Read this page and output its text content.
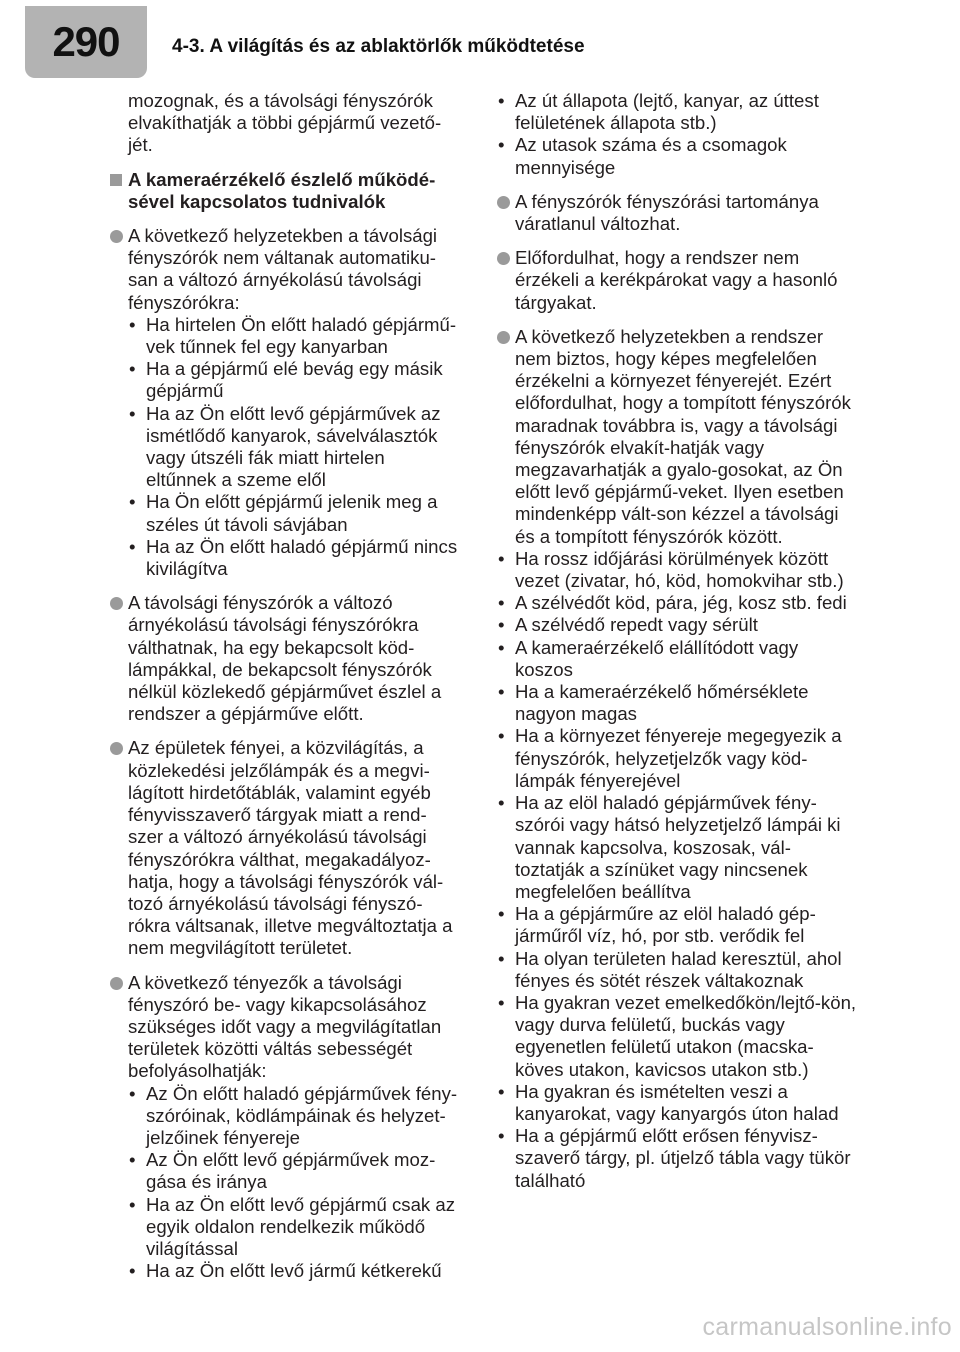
290	4-3. A világítás és az ablaktörlők működtetése

mozognak, és a távolsági fényszórók elvakíthatják a többi gépjármű vezető-jét.

A kameraérzékelő észlelő működé-sével kapcsolatos tudnivalók
A következő helyzetekben a távolsági fényszórók nem váltanak automatiku-san a változó árnyékolású távolsági fényszórókra:
• Ha hirtelen Ön előtt haladó gépjármű-vek tűnnek fel egy kanyarban
• Ha a gépjármű elé bevág egy másik gépjármű
• Ha az Ön előtt levő gépjárművek az ismétlődő kanyarok, sávelválasztók vagy útszéli fák miatt hirtelen eltűnnek a szeme elől
• Ha Ön előtt gépjármű jelenik meg a széles út távoli sávjában
• Ha az Ön előtt haladó gépjármű nincs kivilágítva
A távolsági fényszórók a változó árnyékolású távolsági fényszórókra válthatnak, ha egy bekapcsolt köd-lámpákkal, de bekapcsolt fényszórók nélkül közlekedő gépjárművet észlel a rendszer a gépjárműve előtt.
Az épületek fényei, a közvilágítás, a közlekedési jelzőlámpák és a megvi-lágított hirdetőtáblák, valamint egyéb fényvisszaverő tárgyak miatt a rend-szer a változó árnyékolású távolsági fényszórókra válthat, megakadályoz-hatja, hogy a távolsági fényszórók vál-tozó árnyékolású távolsági fényszó-rókra váltsanak, illetve megváltoztatja a nem megvilágított területet.
A következő tényezők a távolsági fényszóró be- vagy kikapcsolásához szükséges időt vagy a megvilágítatlan területek közötti váltás sebességét befolyásolhatják:
• Az Ön előtt haladó gépjárművek fény-szóróinak, ködlámpáinak és helyzet-jelzőinek fényereje
• Az Ön előtt levő gépjárművek moz-gása és iránya
• Ha az Ön előtt levő gépjármű csak az egyik oldalon rendelkezik működő világítással
• Ha az Ön előtt levő jármű kétkerekű
• Az út állapota (lejtő, kanyar, az úttest felületének állapota stb.)
• Az utasok száma és a csomagok mennyisége
A fényszórók fényszórási tartománya váratlanul változhat.
Előfordulhat, hogy a rendszer nem érzékeli a kerékpárokat vagy a hasonló tárgyakat.
A következő helyzetekben a rendszer nem biztos, hogy képes megfelelően érzékelni a környezet fényerejét. Ezért előfordulhat, hogy a tompított fényszórók maradnak továbbra is, vagy a távolsági fényszórók elvakít-hatják vagy megzavarhatják a gyalo-gosokat, az Ön előtt levő gépjármű-veket. Ilyen esetben mindenképp vált-son kézzel a távolsági és a tompított fényszórók között.
• Ha rossz időjárási körülmények között vezet (zivatar, hó, köd, homokvihar stb.)
• A szélvédőt köd, pára, jég, kosz stb. fedi
• A szélvédő repedt vagy sérült
• A kameraérzékelő elállítódott vagy koszos
• Ha a kameraérzékelő hőmérséklete nagyon magas
• Ha a környezet fényereje megegyezik a fényszórók, helyzetjelzők vagy köd-lámpák fényerejével
• Ha az elöl haladó gépjárművek fény-szórói vagy hátsó helyzetjelző lámpái ki vannak kapcsolva, koszosak, vál-toztatják a színüket vagy nincsenek megfelelően beállítva
• Ha a gépjárműre az elöl haladó gép-járműről víz, hó, por stb. verődik fel
• Ha olyan területen halad keresztül, ahol fényes és sötét részek váltakoznak
• Ha gyakran vezet emelkedőkön/lejtő-kön, vagy durva felületű, buckás vagy egyenetlen felületű utakon (macska-köves utakon, kavicsos utakon stb.)
• Ha gyakran és ismételten veszi a kanyarokat, vagy kanyargós úton halad
• Ha a gépjármű előtt erősen fényvisz-szaverő tárgy, pl. útjelző tábla vagy tükör található
carmanualsonline.info
